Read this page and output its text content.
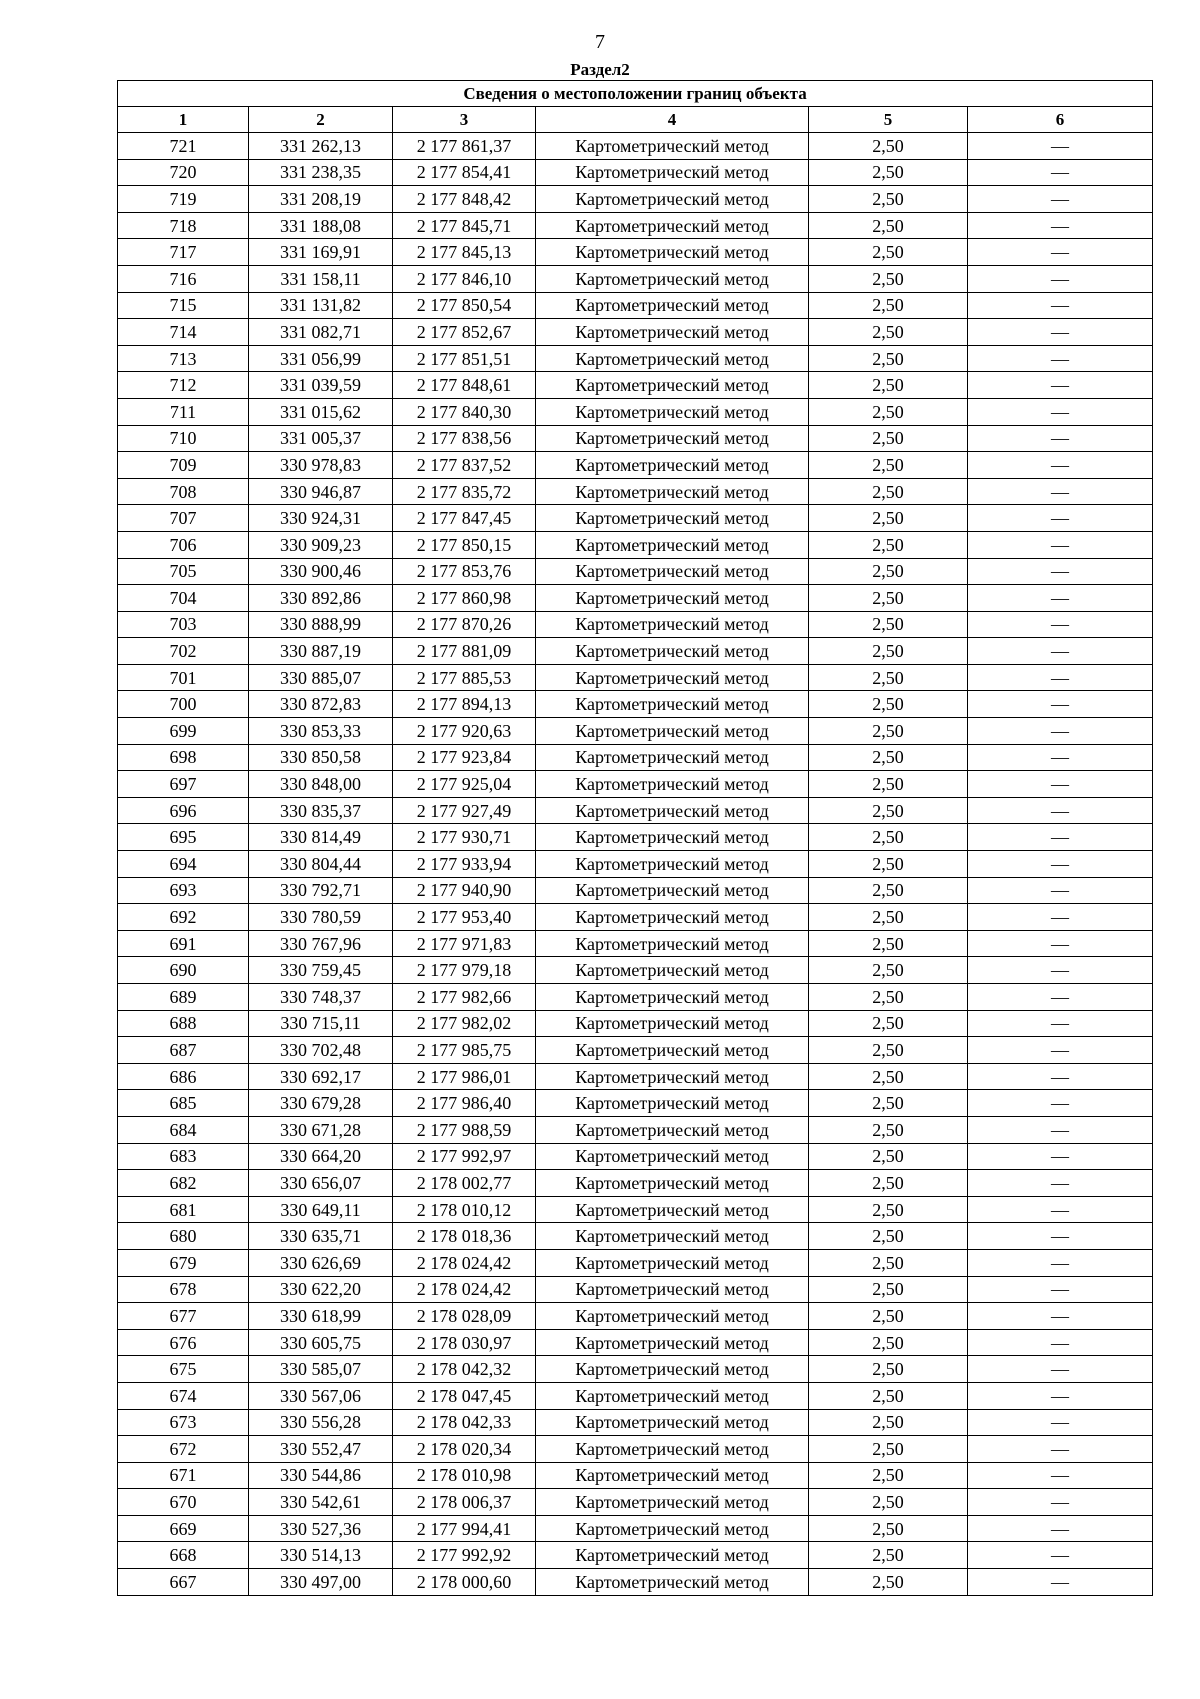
7
Раздел2
Сведения о местоположении границ объекта					
1	2	3	4	5	6
721	331 262,13	2 177 861,37	Картометрический метод	2,50	—
720	331 238,35	2 177 854,41	Картометрический метод	2,50	—
719	331 208,19	2 177 848,42	Картометрический метод	2,50	—
718	331 188,08	2 177 845,71	Картометрический метод	2,50	—
717	331 169,91	2 177 845,13	Картометрический метод	2,50	—
716	331 158,11	2 177 846,10	Картометрический метод	2,50	—
715	331 131,82	2 177 850,54	Картометрический метод	2,50	—
714	331 082,71	2 177 852,67	Картометрический метод	2,50	—
713	331 056,99	2 177 851,51	Картометрический метод	2,50	—
712	331 039,59	2 177 848,61	Картометрический метод	2,50	—
711	331 015,62	2 177 840,30	Картометрический метод	2,50	—
710	331 005,37	2 177 838,56	Картометрический метод	2,50	—
709	330 978,83	2 177 837,52	Картометрический метод	2,50	—
708	330 946,87	2 177 835,72	Картометрический метод	2,50	—
707	330 924,31	2 177 847,45	Картометрический метод	2,50	—
706	330 909,23	2 177 850,15	Картометрический метод	2,50	—
705	330 900,46	2 177 853,76	Картометрический метод	2,50	—
704	330 892,86	2 177 860,98	Картометрический метод	2,50	—
703	330 888,99	2 177 870,26	Картометрический метод	2,50	—
702	330 887,19	2 177 881,09	Картометрический метод	2,50	—
701	330 885,07	2 177 885,53	Картометрический метод	2,50	—
700	330 872,83	2 177 894,13	Картометрический метод	2,50	—
699	330 853,33	2 177 920,63	Картометрический метод	2,50	—
698	330 850,58	2 177 923,84	Картометрический метод	2,50	—
697	330 848,00	2 177 925,04	Картометрический метод	2,50	—
696	330 835,37	2 177 927,49	Картометрический метод	2,50	—
695	330 814,49	2 177 930,71	Картометрический метод	2,50	—
694	330 804,44	2 177 933,94	Картометрический метод	2,50	—
693	330 792,71	2 177 940,90	Картометрический метод	2,50	—
692	330 780,59	2 177 953,40	Картометрический метод	2,50	—
691	330 767,96	2 177 971,83	Картометрический метод	2,50	—
690	330 759,45	2 177 979,18	Картометрический метод	2,50	—
689	330 748,37	2 177 982,66	Картометрический метод	2,50	—
688	330 715,11	2 177 982,02	Картометрический метод	2,50	—
687	330 702,48	2 177 985,75	Картометрический метод	2,50	—
686	330 692,17	2 177 986,01	Картометрический метод	2,50	—
685	330 679,28	2 177 986,40	Картометрический метод	2,50	—
684	330 671,28	2 177 988,59	Картометрический метод	2,50	—
683	330 664,20	2 177 992,97	Картометрический метод	2,50	—
682	330 656,07	2 178 002,77	Картометрический метод	2,50	—
681	330 649,11	2 178 010,12	Картометрический метод	2,50	—
680	330 635,71	2 178 018,36	Картометрический метод	2,50	—
679	330 626,69	2 178 024,42	Картометрический метод	2,50	—
678	330 622,20	2 178 024,42	Картометрический метод	2,50	—
677	330 618,99	2 178 028,09	Картометрический метод	2,50	—
676	330 605,75	2 178 030,97	Картометрический метод	2,50	—
675	330 585,07	2 178 042,32	Картометрический метод	2,50	—
674	330 567,06	2 178 047,45	Картометрический метод	2,50	—
673	330 556,28	2 178 042,33	Картометрический метод	2,50	—
672	330 552,47	2 178 020,34	Картометрический метод	2,50	—
671	330 544,86	2 178 010,98	Картометрический метод	2,50	—
670	330 542,61	2 178 006,37	Картометрический метод	2,50	—
669	330 527,36	2 177 994,41	Картометрический метод	2,50	—
668	330 514,13	2 177 992,92	Картометрический метод	2,50	—
667	330 497,00	2 178 000,60	Картометрический метод	2,50	—
